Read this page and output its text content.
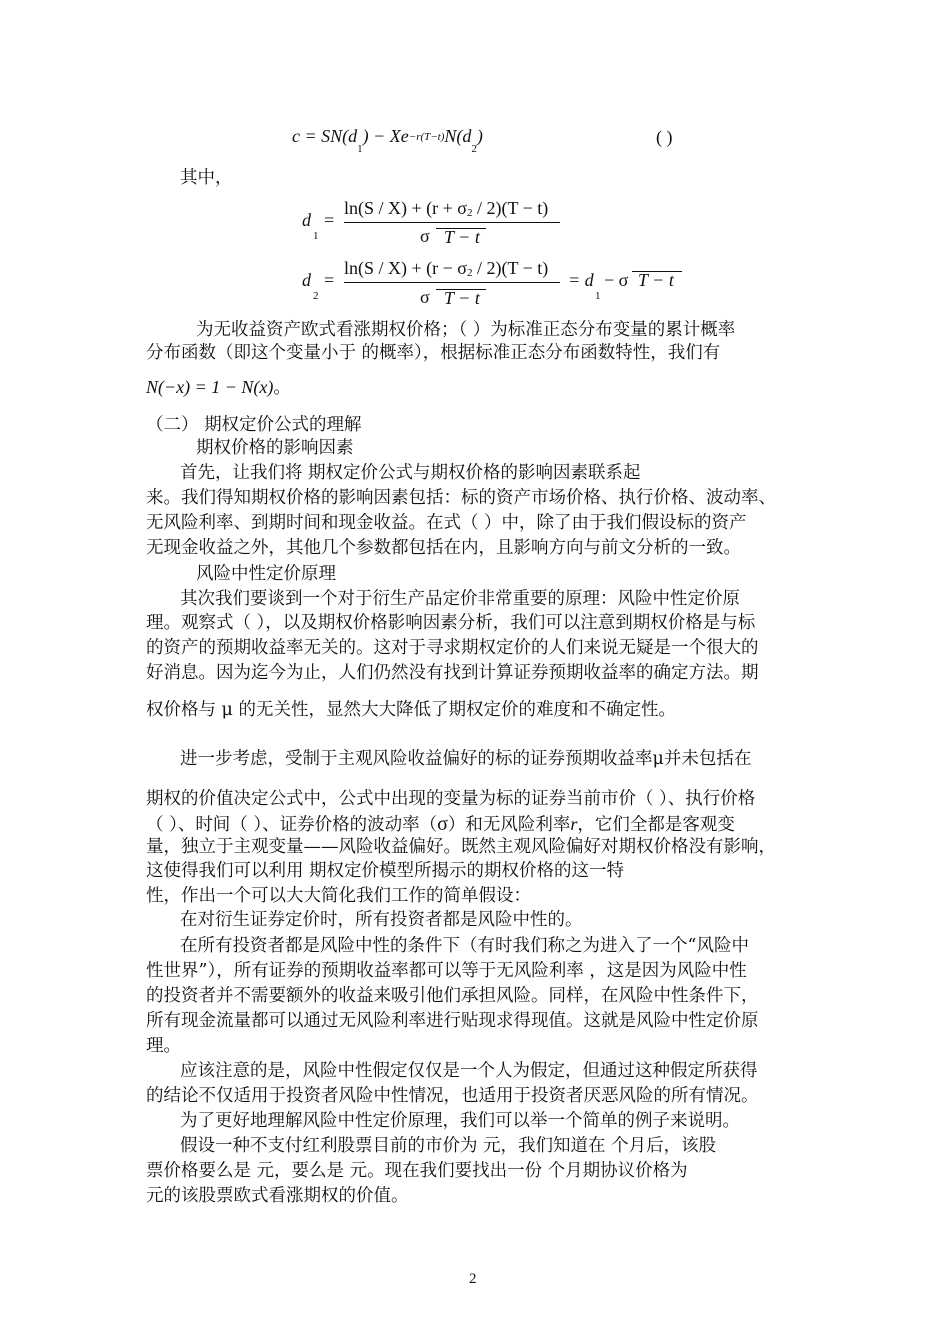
$c = SN(d_1) - Xe-r(T-t)N(d_2)$	( )
其中，
d
1
=
ln(S / X) + (r + σ2 / 2)(T − t)
σ T − t
d
2
=
ln(S / X) + (r − σ2 / 2)(T − t)
σ T − t
= d
1
− σ T − t
为无收益资产欧式看涨期权价格；（ ）为标准正态分布变量的累计概率
分布函数（即这个变量小于 的概率），根据标准正态分布函数特性，我们有
N(−x) = 1 − N(x)。
（二） 期权定价公式的理解
期权价格的影响因素
首先，让我们将 期权定价公式与期权价格的影响因素联系起
来。我们得知期权价格的影响因素包括：标的资产市场价格、执行价格、波动率、
无风险利率、到期时间和现金收益。在式（ ）中，除了由于我们假设标的资产
无现金收益之外，其他几个参数都包括在内，且影响方向与前文分析的一致。
风险中性定价原理
其次我们要谈到一个对于衍生产品定价非常重要的原理：风险中性定价原
理。观察式（ ），以及期权价格影响因素分析，我们可以注意到期权价格是与标
的资产的预期收益率无关的。这对于寻求期权定价的人们来说无疑是一个很大的
好消息。因为迄今为止，人们仍然没有找到计算证券预期收益率的确定方法。期
权价格与 μ 的无关性，显然大大降低了期权定价的难度和不确定性。
进一步考虑，受制于主观风险收益偏好的标的证券预期收益率μ并未包括在
期权的价值决定公式中，公式中出现的变量为标的证券当前市价（ ）、执行价格
（ ）、时间（ ）、证券价格的波动率（σ）和无风险利率r，它们全都是客观变
量，独立于主观变量——风险收益偏好。既然主观风险偏好对期权价格没有影响，
这使得我们可以利用 期权定价模型所揭示的期权价格的这一特
性，作出一个可以大大简化我们工作的简单假设：
在对衍生证券定价时，所有投资者都是风险中性的。
在所有投资者都是风险中性的条件下（有时我们称之为进入了一个“风险中
性世界”），所有证券的预期收益率都可以等于无风险利率 ，这是因为风险中性
的投资者并不需要额外的收益来吸引他们承担风险。同样，在风险中性条件下，
所有现金流量都可以通过无风险利率进行贴现求得现值。这就是风险中性定价原
理。
应该注意的是，风险中性假定仅仅是一个人为假定，但通过这种假定所获得
的结论不仅适用于投资者风险中性情况，也适用于投资者厌恶风险的所有情况。
为了更好地理解风险中性定价原理，我们可以举一个简单的例子来说明。
假设一种不支付红利股票目前的市价为 元，我们知道在 个月后，该股
票价格要么是 元，要么是 元。现在我们要找出一份 个月期协议价格为
元的该股票欧式看涨期权的价值。
2
